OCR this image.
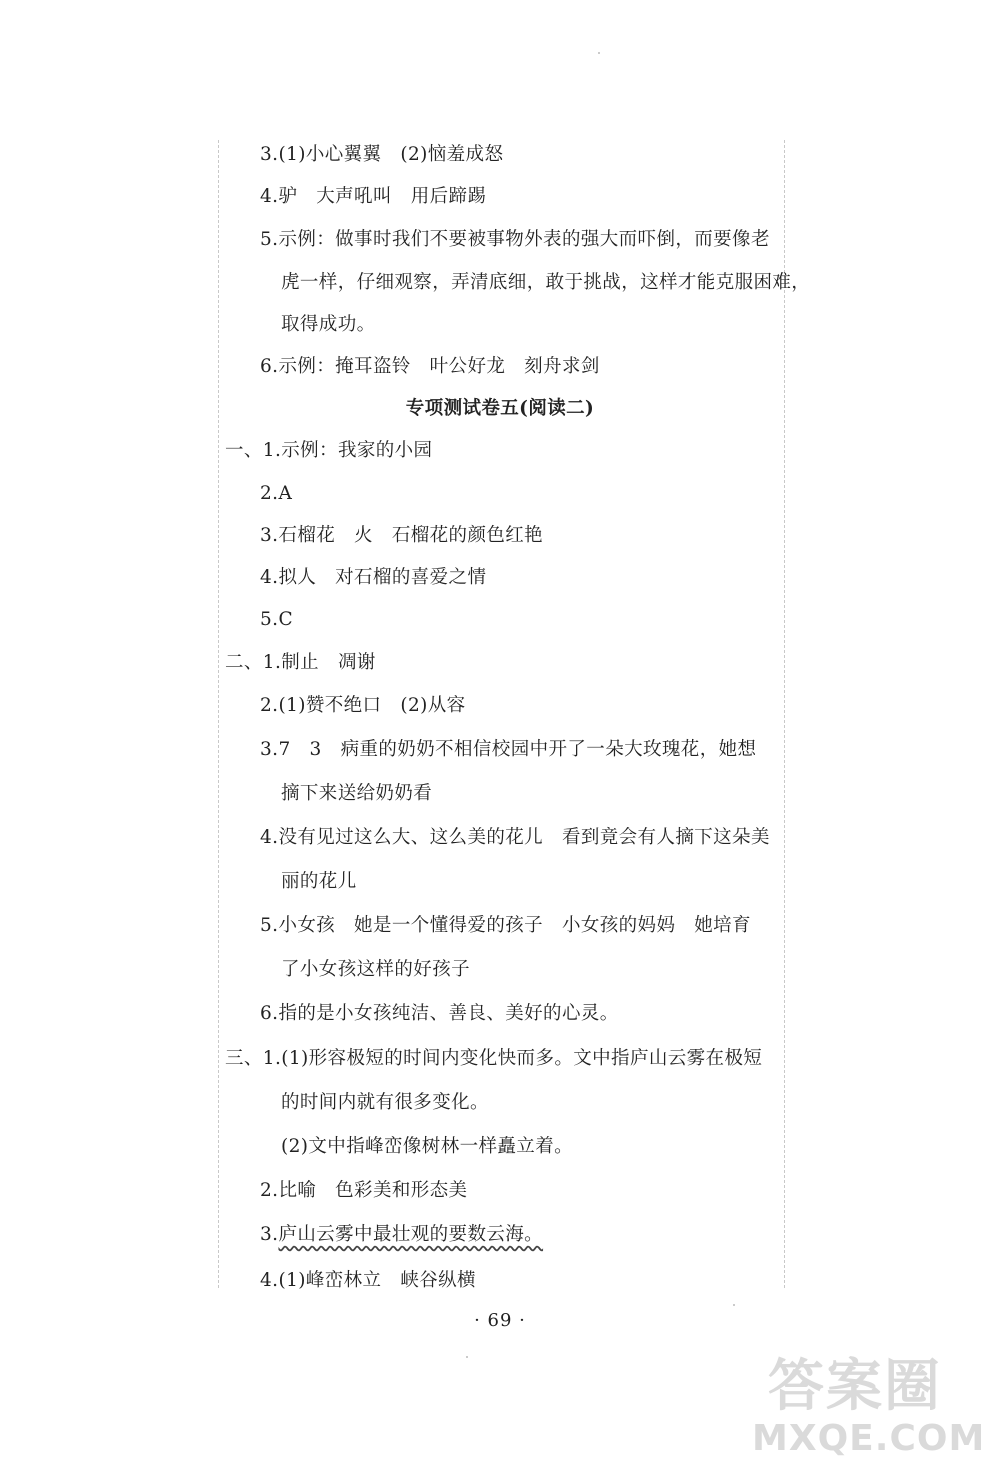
3.(1)小心翼翼　(2)恼羞成怒
4.驴　大声吼叫　用后蹄踢
5.示例：做事时我们不要被事物外表的强大而吓倒，而要像老
虎一样，仔细观察，弄清底细，敢于挑战，这样才能克服困难，
取得成功。
6.示例：掩耳盗铃　叶公好龙　刻舟求剑
专项测试卷五(阅读二)
一、1.示例：我家的小园
2.A
3.石榴花　火　石榴花的颜色红艳
4.拟人　对石榴的喜爱之情
5.C
二、1.制止　凋谢
2.(1)赞不绝口　(2)从容
3.7　3　病重的奶奶不相信校园中开了一朵大玫瑰花，她想
摘下来送给奶奶看
4.没有见过这么大、这么美的花儿　看到竟会有人摘下这朵美
丽的花儿
5.小女孩　她是一个懂得爱的孩子　小女孩的妈妈　她培育
了小女孩这样的好孩子
6.指的是小女孩纯洁、善良、美好的心灵。
三、1.(1)形容极短的时间内变化快而多。文中指庐山云雾在极短
的时间内就有很多变化。
(2)文中指峰峦像树林一样矗立着。
2.比喻　色彩美和形态美
3.庐山云雾中最壮观的要数云海。
4.(1)峰峦林立　峡谷纵横
· 69 ·
答案圈
MXQE.COM
